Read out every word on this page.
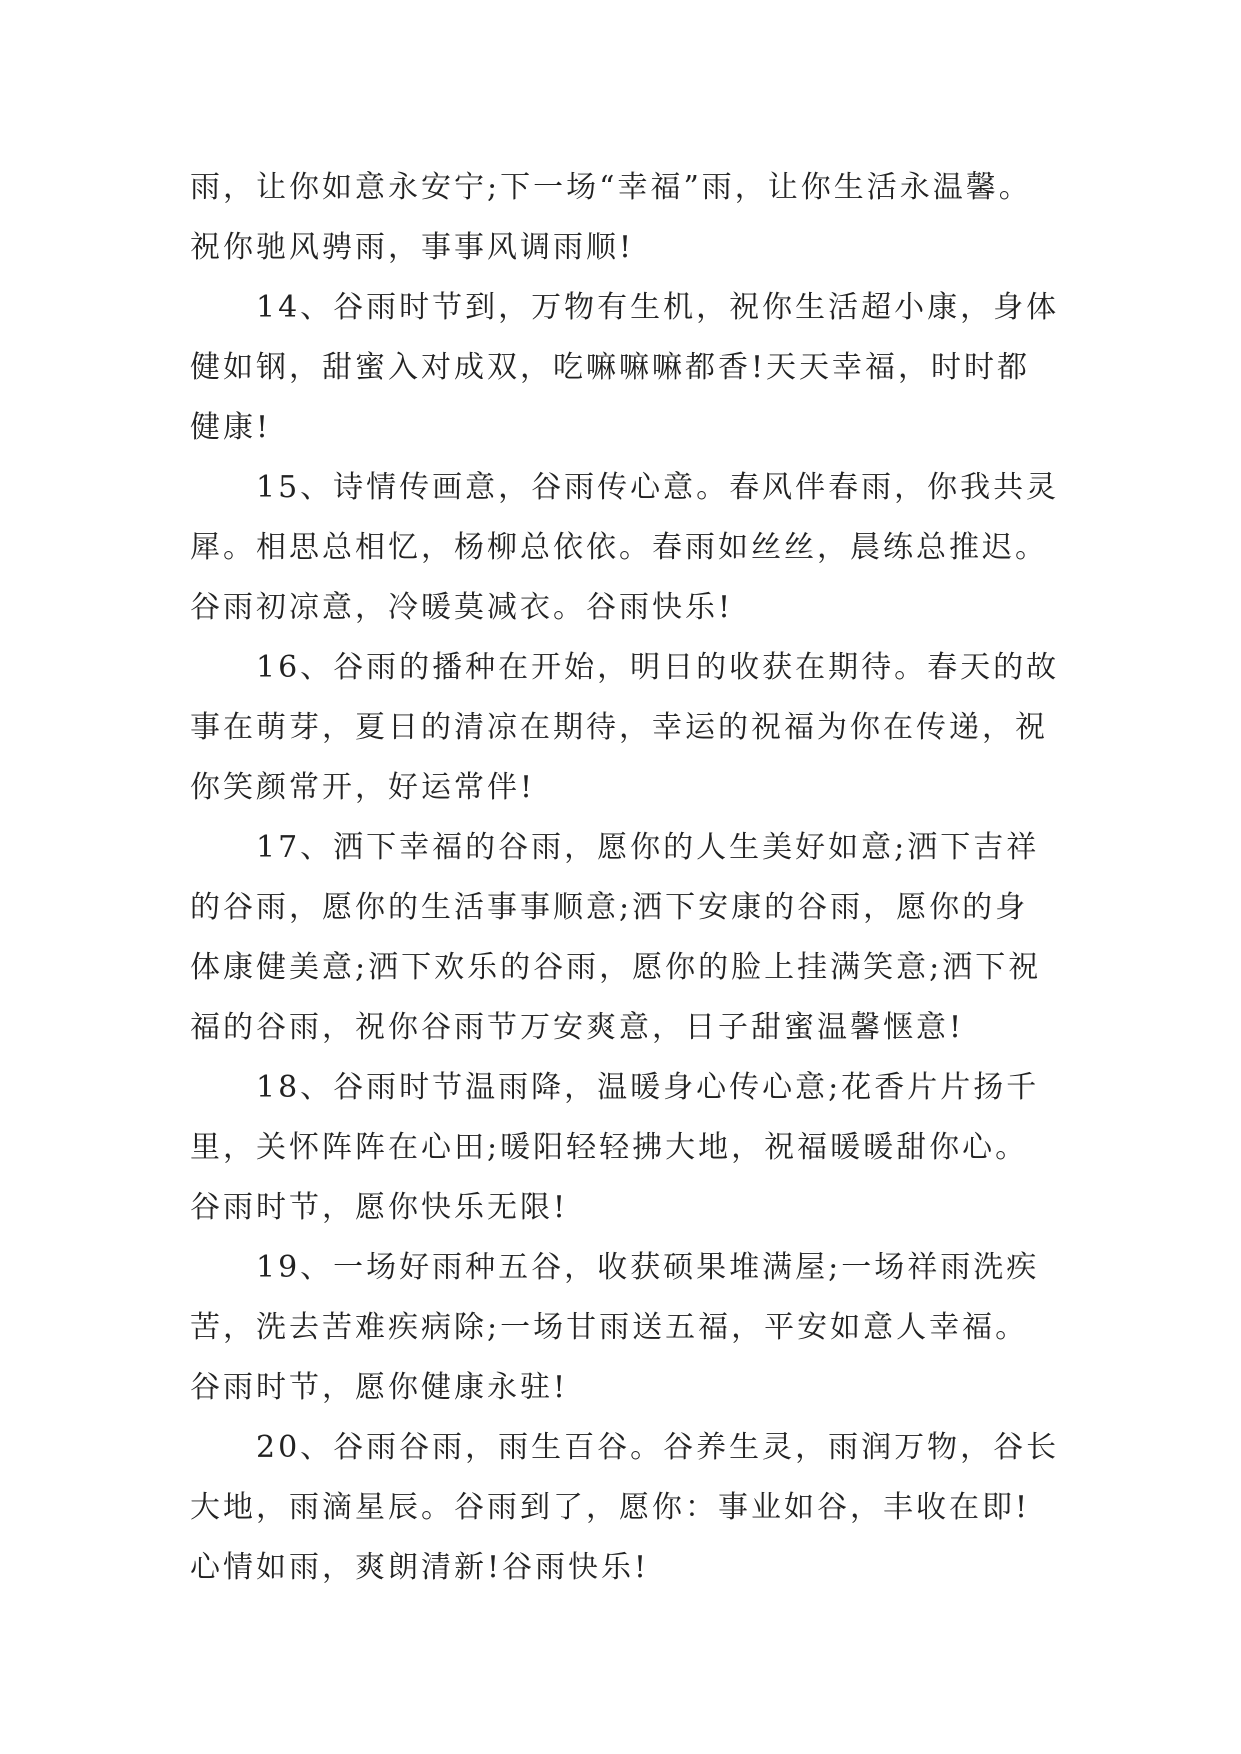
雨，让你如意永安宁;下一场“幸福”雨，让你生活永温馨。
祝你驰风骋雨，事事风调雨顺!
14、谷雨时节到，万物有生机，祝你生活超小康，身体
健如钢，甜蜜入对成双，吃嘛嘛嘛都香!天天幸福，时时都
健康!
15、诗情传画意，谷雨传心意。春风伴春雨，你我共灵
犀。相思总相忆，杨柳总依依。春雨如丝丝，晨练总推迟。
谷雨初凉意，冷暖莫减衣。谷雨快乐!
16、谷雨的播种在开始，明日的收获在期待。春天的故
事在萌芽，夏日的清凉在期待，幸运的祝福为你在传递，祝
你笑颜常开，好运常伴!
17、洒下幸福的谷雨，愿你的人生美好如意;洒下吉祥
的谷雨，愿你的生活事事顺意;洒下安康的谷雨，愿你的身
体康健美意;洒下欢乐的谷雨，愿你的脸上挂满笑意;洒下祝
福的谷雨，祝你谷雨节万安爽意，日子甜蜜温馨惬意!
18、谷雨时节温雨降，温暖身心传心意;花香片片扬千
里，关怀阵阵在心田;暖阳轻轻拂大地，祝福暖暖甜你心。
谷雨时节，愿你快乐无限!
19、一场好雨种五谷，收获硕果堆满屋;一场祥雨洗疾
苦，洗去苦难疾病除;一场甘雨送五福，平安如意人幸福。
谷雨时节，愿你健康永驻!
20、谷雨谷雨，雨生百谷。谷养生灵，雨润万物，谷长
大地，雨滴星辰。谷雨到了，愿你：事业如谷，丰收在即!
心情如雨，爽朗清新!谷雨快乐!
